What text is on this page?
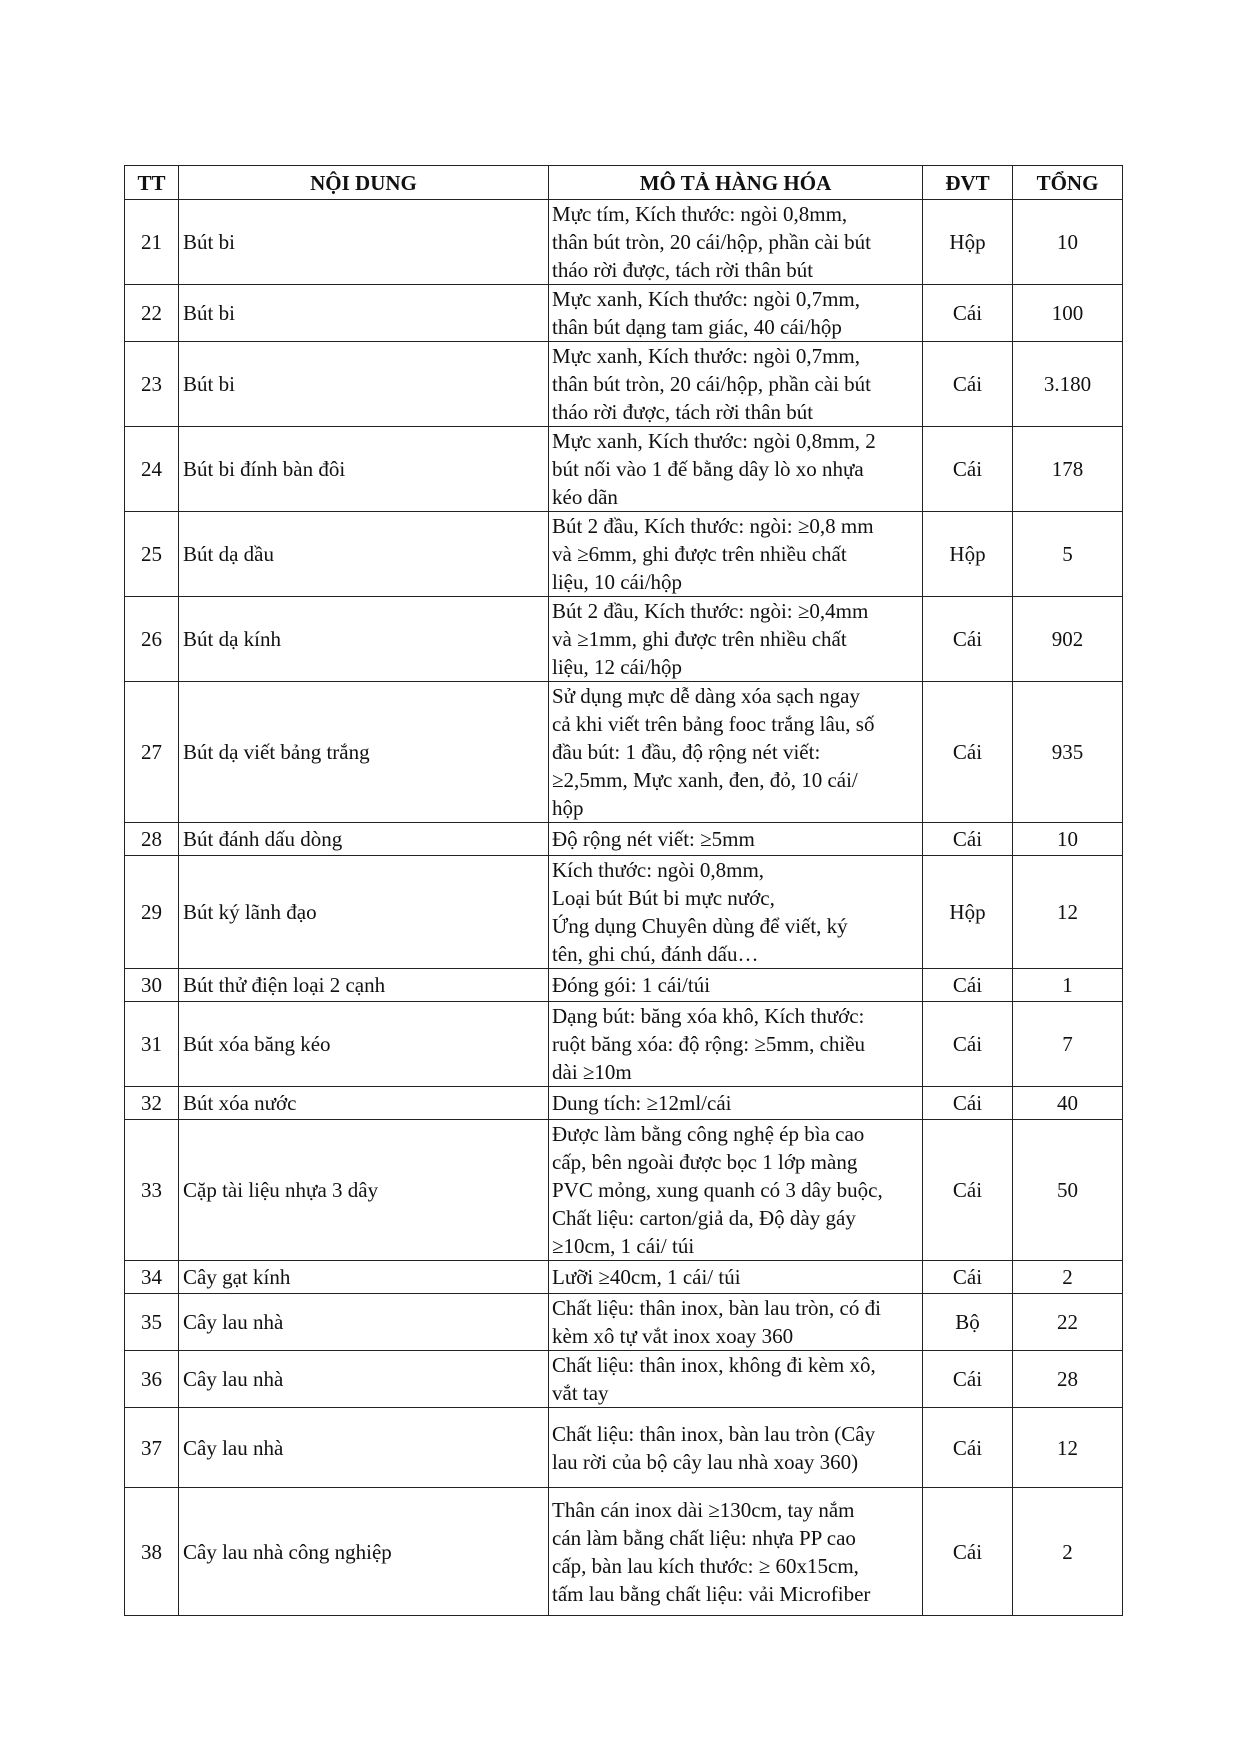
TT	NỘI DUNG	MÔ TẢ HÀNG HÓA	ĐVT	TỔNG
21	Bút bi	Mực tím, Kích thước: ngòi 0,8mm,
thân bút tròn, 20 cái/hộp, phần cài bút
tháo rời được, tách rời thân bút	Hộp	10
22	Bút bi	Mực xanh, Kích thước: ngòi 0,7mm,
thân bút dạng tam giác, 40 cái/hộp	Cái	100
23	Bút bi	Mực xanh, Kích thước: ngòi 0,7mm,
thân bút tròn, 20 cái/hộp, phần cài bút
tháo rời được, tách rời thân bút	Cái	3.180
24	Bút bi đính bàn đôi	Mực xanh, Kích thước: ngòi 0,8mm, 2
bút nối vào 1 đế bằng dây lò xo nhựa
kéo dãn	Cái	178
25	Bút dạ dầu	Bút 2 đầu, Kích thước: ngòi: ≥0,8 mm
và ≥6mm, ghi được trên nhiều chất
liệu, 10 cái/hộp	Hộp	5
26	Bút dạ kính	Bút 2 đầu, Kích thước: ngòi: ≥0,4mm
và ≥1mm, ghi được trên nhiều chất
liệu, 12 cái/hộp	Cái	902
27	Bút dạ viết bảng trắng	Sử dụng mực dễ dàng xóa sạch ngay
cả khi viết trên bảng fooc trắng lâu, số
đầu bút: 1 đầu, độ rộng nét viết:
≥2,5mm, Mực xanh, đen, đỏ, 10 cái/
hộp	Cái	935
28	Bút đánh dấu dòng	Độ rộng nét viết: ≥5mm	Cái	10
29	Bút ký lãnh đạo	Kích thước: ngòi 0,8mm,
Loại bút Bút bi mực nước,
Ứng dụng Chuyên dùng để viết, ký
tên, ghi chú, đánh dấu…	Hộp	12
30	Bút thử điện loại 2 cạnh	Đóng gói: 1 cái/túi	Cái	1
31	Bút xóa băng kéo	Dạng bút: băng xóa khô, Kích thước:
ruột băng xóa: độ rộng: ≥5mm, chiều
dài ≥10m	Cái	7
32	Bút xóa nước	Dung tích: ≥12ml/cái	Cái	40
33	Cặp tài liệu nhựa 3 dây	Được làm bằng công nghệ ép bìa cao
cấp, bên ngoài được bọc 1 lớp màng
PVC mỏng, xung quanh có 3 dây buộc,
Chất liệu: carton/giả da, Độ dày gáy
≥10cm, 1 cái/ túi	Cái	50
34	Cây gạt kính	Lưỡi ≥40cm, 1 cái/ túi	Cái	2
35	Cây lau nhà	Chất liệu: thân inox, bàn lau tròn, có đi
kèm xô tự vắt inox xoay 360	Bộ	22
36	Cây lau nhà	Chất liệu: thân inox, không đi kèm xô,
vắt tay	Cái	28
37	Cây lau nhà	Chất liệu: thân inox, bàn lau tròn (Cây
lau rời của bộ cây lau nhà xoay 360)	Cái	12
38	Cây lau nhà công nghiệp	Thân cán inox dài ≥130cm, tay nắm
cán làm bằng chất liệu: nhựa PP cao
cấp, bàn lau kích thước: ≥ 60x15cm,
tấm lau bằng chất liệu: vải Microfiber	Cái	2
